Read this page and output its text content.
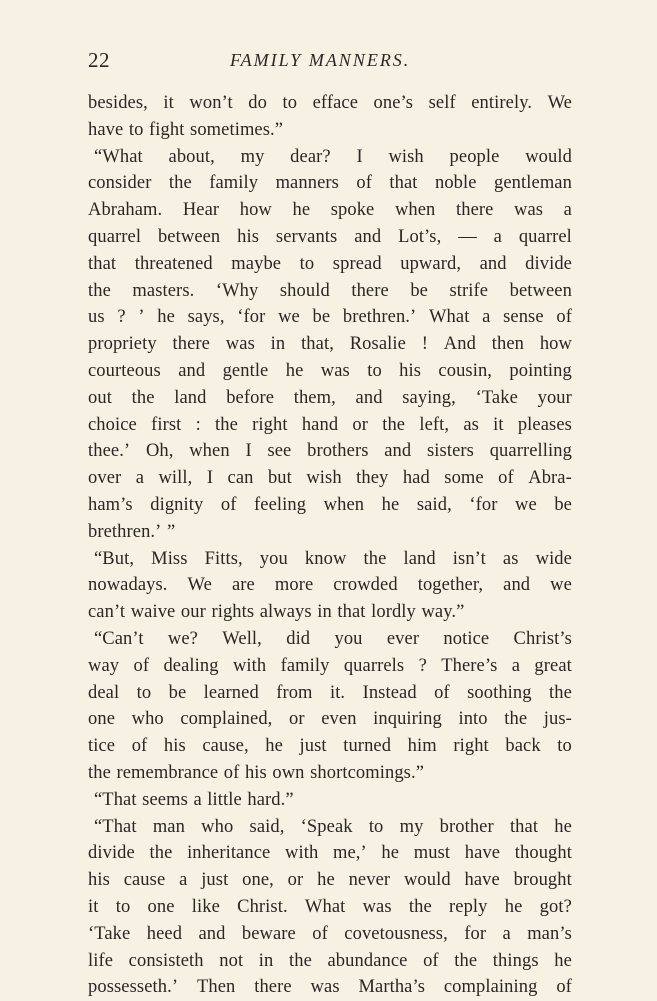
22	FAMILY MANNERS.
besides, it won’t do to efface one’s self entirely. We
have to fight sometimes.”
“What about, my dear? I wish people would
consider the family manners of that noble gentleman
Abraham. Hear how he spoke when there was a
quarrel between his servants and Lot’s, — a quarrel
that threatened maybe to spread upward, and divide
the masters. ‘Why should there be strife between
us ? ’ he says, ‘for we be brethren.’ What a sense of
propriety there was in that, Rosalie ! And then how
courteous and gentle he was to his cousin, pointing
out the land before them, and saying, ‘Take your
choice first : the right hand or the left, as it pleases
thee.’ Oh, when I see brothers and sisters quarrelling
over a will, I can but wish they had some of Abra-
ham’s dignity of feeling when he said, ‘for we be
brethren.’ ”
“But, Miss Fitts, you know the land isn’t as wide
nowadays. We are more crowded together, and we
can’t waive our rights always in that lordly way.”
“Can’t we? Well, did you ever notice Christ’s
way of dealing with family quarrels ? There’s a great
deal to be learned from it. Instead of soothing the
one who complained, or even inquiring into the jus-
tice of his cause, he just turned him right back to
the remembrance of his own shortcomings.”
“That seems a little hard.”
“That man who said, ‘Speak to my brother that he
divide the inheritance with me,’ he must have thought
his cause a just one, or he never would have brought
it to one like Christ. What was the reply he got?
‘Take heed and beware of covetousness, for a man’s
life consisteth not in the abundance of the things he
possesseth.’ Then there was Martha’s complaining of
